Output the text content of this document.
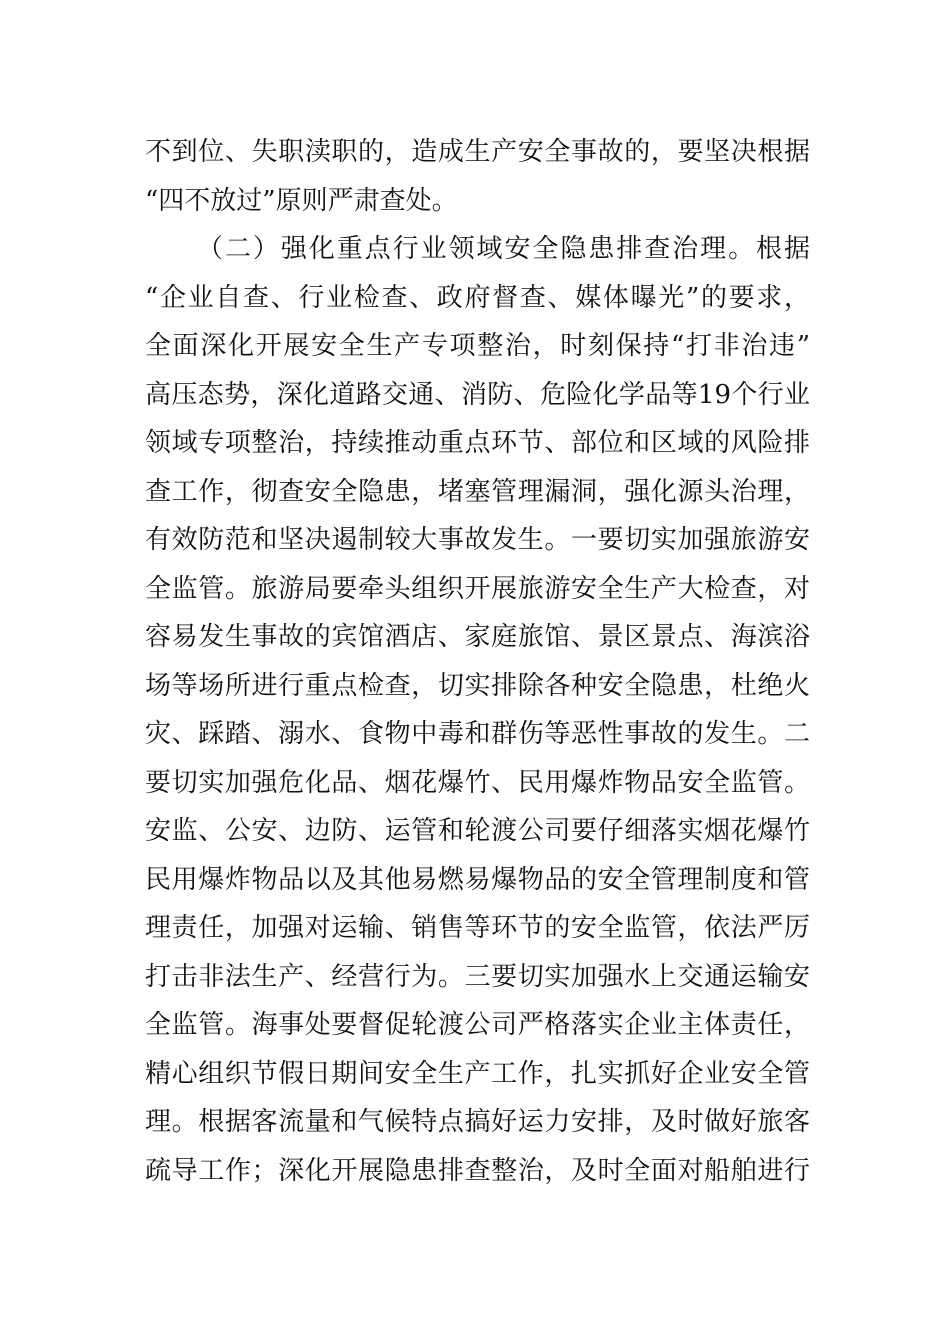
不到位、失职渎职的，造成生产安全事故的，要坚决根据
“四不放过”原则严肃查处。
（二）强化重点行业领域安全隐患排查治理。根据
“企业自查、行业检查、政府督查、媒体曝光”的要求，
全面深化开展安全生产专项整治，时刻保持“打非治违”
高压态势，深化道路交通、消防、危险化学品等19个行业
领域专项整治，持续推动重点环节、部位和区域的风险排
查工作，彻查安全隐患，堵塞管理漏洞，强化源头治理，
有效防范和坚决遏制较大事故发生。一要切实加强旅游安
全监管。旅游局要牵头组织开展旅游安全生产大检查，对
容易发生事故的宾馆酒店、家庭旅馆、景区景点、海滨浴
场等场所进行重点检查，切实排除各种安全隐患，杜绝火
灾、踩踏、溺水、食物中毒和群伤等恶性事故的发生。二
要切实加强危化品、烟花爆竹、民用爆炸物品安全监管。
安监、公安、边防、运管和轮渡公司要仔细落实烟花爆竹
民用爆炸物品以及其他易燃易爆物品的安全管理制度和管
理责任，加强对运输、销售等环节的安全监管，依法严厉
打击非法生产、经营行为。三要切实加强水上交通运输安
全监管。海事处要督促轮渡公司严格落实企业主体责任，
精心组织节假日期间安全生产工作，扎实抓好企业安全管
理。根据客流量和气候特点搞好运力安排，及时做好旅客
疏导工作；深化开展隐患排查整治，及时全面对船舶进行
